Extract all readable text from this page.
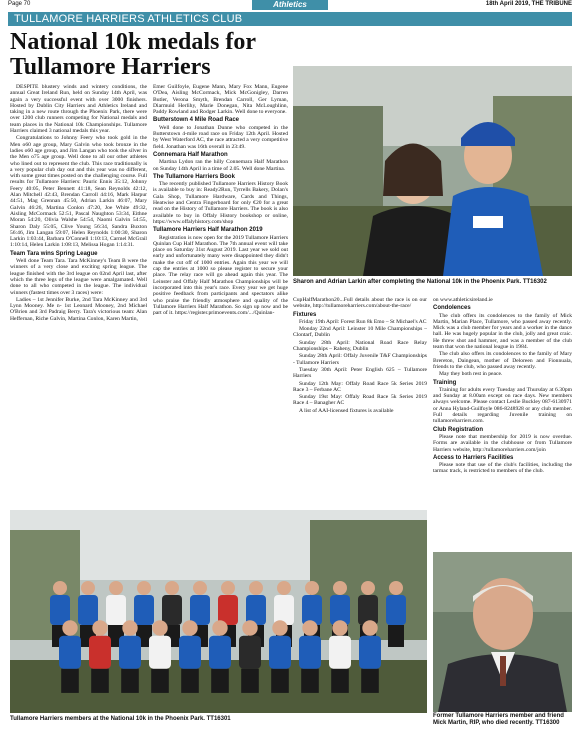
Page 70	Athletics	18th April 2019, THE TRIBUNE
TULLAMORE HARRIERS ATHLETICS CLUB
National 10k medals for Tullamore Harriers

DESPITE blustery winds and wintery conditions, the annual Great Ireland Run, held on Sunday 14th April, was again a very successful event with over 3000 finishers. Hosted by Dublin City Harriers and Athletics Ireland and taking in a new route through the Phoenix Park, there were over 1200 club runners competing for National medals and team places in the National 10k Championships. Tullamore Harriers claimed 3 national medals this year.

Congratulations to Johnny Feery who took gold in the Men o60 age group, Mary Galvin who took bronze in the ladies o60 age group, and Jim Langan who took the silver in the Men o75 age group. Well done to all our other athletes who lined out to represent the club. This race traditionally is a very popular club day out and this year was no different, with some great times posted on the challenging course. Full results for Tullamore Harriers: Pauric Ennis 35:12, Johnny Feery 40:05, Peter Bennett 41:18, Sean Reynolds 42:12, Alan Mitchell 42:43, Brendan Carroll 44:16, Mark Harpur 44:51, Mag Grennan 45:50, Adrian Larkin 46:07, Mary Galvin 46:26, Martina Conlon 47:20, Joe White 49:32, Aisling McCormack 52:51, Pascal Naughton 53:34, Eithne Moran 54:20, Olivia Walshe 54:54, Naomi Galvin 54:55, Sharon Daly 55:05, Clive Young 56:34, Sandra Buxton 56:46, Jim Langan 59:07, Helen Reynolds 1:00:30, Sharon Larkin 1:03:44, Barbara O'Connell 1:10:13, Carmel McGrail 1:10:14, Helen Larkin 1:08:13, Melissa Hogan 1:14:31.

Team Tara wins Spring League

Well done Team Tara. Tara McKinney's Team B were the winners of a very close and exciting spring league. The league finished with the 3rd league on 02nd April last, after which the three legs of the league were amalgamated. Well done to all who competed in the league. The individual winners (fastest times over 3 races) were:

Ladies – 1st Jennifer Burke, 2nd Tara McKinney and 3rd Lynn Mooney. Me n- 1st Leonard Mooney, 2nd Michael O'Brien and 3rd Padraig Berry. Tara's victorious team: Alan Heffernan, Riche Galvin, Martina Conlon, Karen Martin,

Emer Guilfoyle, Eugene Mann, Mary Fox Mann, Eugene O'Dea, Aisling McCormack, Mick McGonigley, Darren Butler, Verona Smyth, Brendan Carroll, Ger Lyman, Diarmuid Herlihy, Marie Donegan, Nita McLoughlinn, Paddy Rowland and Rodger Larkin. Well done to everyone.

Butterstown 4 Mile Road Race

Well done to Jonathan Dunne who competed in the Butterstown 4-mile road race on Friday 12th April. Hosted by West Waterford AC, the race attracted a very competitive field. Jonathan was 16th overall in 23:49.

Connemara Half Marathon

Martina Lydon ran the hilly Connemara Half Marathon on Sunday 14th April in a time of 2.05. Well done Martina.

The Tullamore Harriers Book

The recently published Tullamore Harriers History Book is available to buy in: Ready2Run, Tyrrells Bakery, Dolan's Gala Shop, Tullamore Hardware, Cards and Things, Heatwise and Centra Fingerboard for only €20 for a great read on the History of Tullamore Harriers. The book is also available to buy in Offaly History bookshop or online, https://www.offalyhistory.com/shop

Tullamore Harriers Half Marathon 2019

Registration is now open for the 2019 Tullamore Harriers Quinlan Cup Half Marathon. The 7th annual event will take place on Saturday 31st August 2019. Last year we sold out early and unfortunately many were disappointed they didn't make the cut off of 1000 entries. Again this year we will cap the entries at 1000 so please register to secure your place. The relay race will go ahead again this year. The Leinster and Offaly Half Marathon Championships will be incorporated into this year's race. Every year we get huge positive feedback from participants and spectators alike who praise the friendly atmosphere and quality of the Tullamore Harriers Half Marathon. So sign up now and be part of it. https://register.primoevents.com/.../Quinlan-

Sharon and Adrian Larkin after completing the National 10k in the Phoenix Park. TT16302

CupHalfMarathon20...Full details about the race is on our website, http://tullamoreharriers.com/about-the-race/

Fixtures

Friday 19th April: Forest Run 8k Emo – St Michael's AC

Monday 22nd April: Leinster 10 Mile Championships – Clontarf, Dublin

Sunday 28th April: National Road Race Relay Championships – Raheny, Dublin

Sunday 28th April: Offaly Juvenile T&F Championships - Tullamore Harriers

Tuesday 30th April: Peter English 625 – Tullamore Harriers

Sunday 12th May: Offaly Road Race 5k Series 2019 Race 3 – Ferbane AC

Sunday 19st May: Offaly Road Race 5k Series 2019 Race 4 – Banagher AC

A list of AAI-licensed fixtures is available

on www.athleticsireland.ie

Condolences

The club offers its condolences to the family of Mick Martin, Marian Place, Tullamore, who passed away recently. Mick was a club member for years and a worker in the dance hall. He was hugely popular in the club, jolly and great craic. He threw shot and hammer, and was a member of the club team that won the national league in 1984.

The club also offers its condolences to the family of Mary Brereton, Daingean, mother of Deloreen and Fionnuala, friends to the club, who passed away recently.

May they both rest in peace.

Training

Training for adults every Tuesday and Thursday at 6.30pm and Sunday at 8.00am except on race days. New members always welcome. Please contact Leslie Buckley 087-6130971 or Anna Hyland-Guilfoyle 086-8248928 or any club member. Full details regarding Juvenile training on tullamoreharriers.com.

Club Registration

Please note that membership for 2019 is now overdue. Forms are available in the clubhouse or from Tullamore Harriers website, http://tullamoreharriers.com/join

Access to Harriers Facilities

Please note that use of the club's facilities, including the tarmac track, is restricted to members of the club.

Tullamore Harriers members at the National 10k in the Phoenix Park. TT16301	Former Tullamore Harriers member and friend Mick Martin, RIP, who died recently. TT16300
